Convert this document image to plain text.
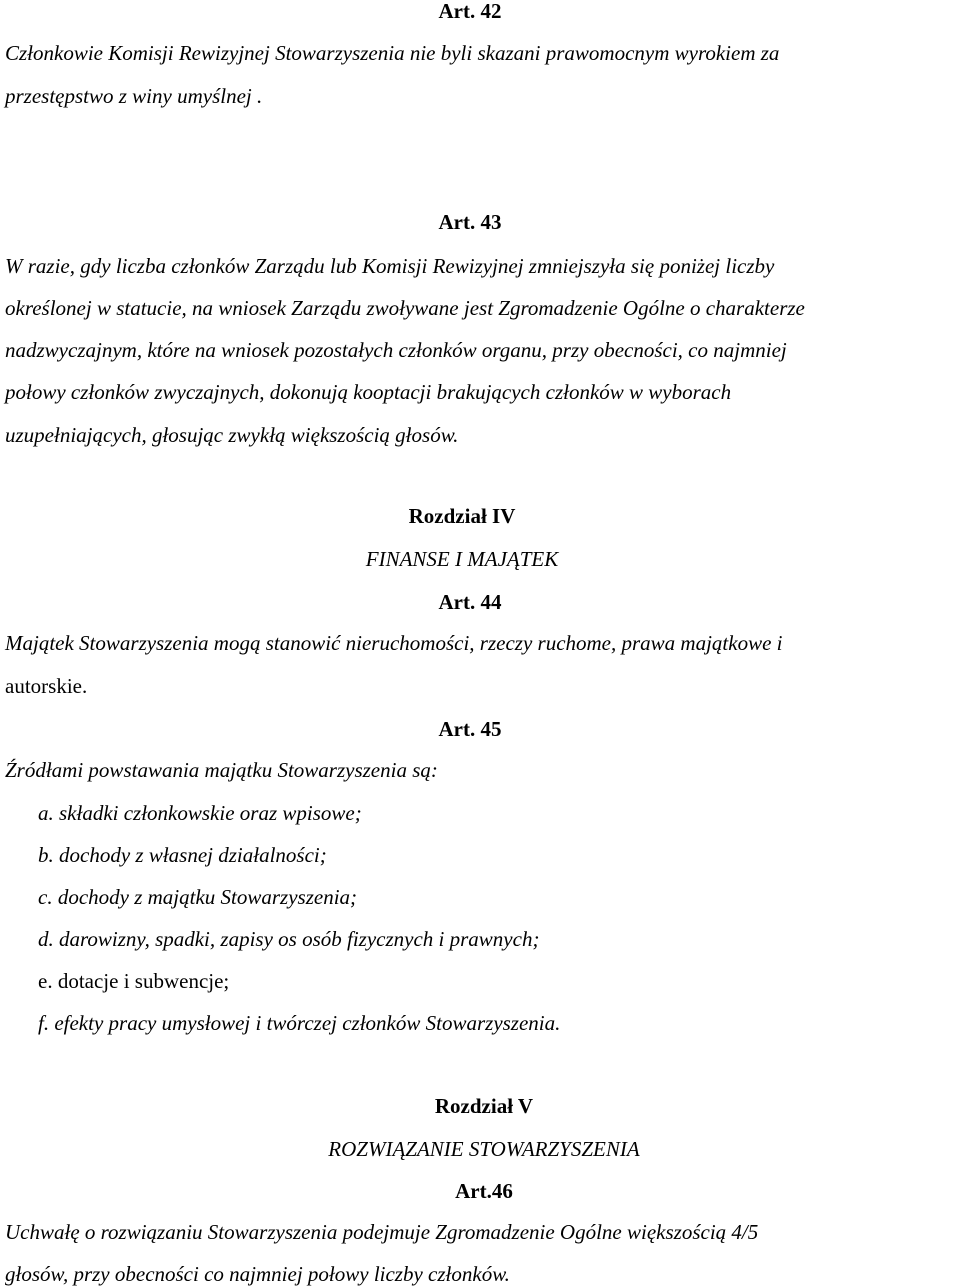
Art. 42
Członkowie Komisji Rewizyjnej Stowarzyszenia nie byli skazani prawomocnym wyrokiem za
przestępstwo z winy umyślnej .
Art. 43
W razie, gdy liczba członków Zarządu lub Komisji Rewizyjnej zmniejszyła się poniżej liczby
określonej w statucie, na wniosek Zarządu zwoływane jest Zgromadzenie Ogólne o charakterze
nadzwyczajnym, które na wniosek pozostałych członków organu, przy obecności, co najmniej
połowy członków zwyczajnych, dokonują kooptacji brakujących członków w wyborach
uzupełniających, głosując zwykłą większością głosów.
Rozdział IV
FINANSE I MAJĄTEK
Art. 44
Majątek Stowarzyszenia mogą stanowić nieruchomości, rzeczy ruchome, prawa majątkowe i
autorskie.
Art. 45
Źródłami powstawania majątku Stowarzyszenia są:
a. składki członkowskie oraz wpisowe;
b. dochody z własnej działalności;
c. dochody z majątku Stowarzyszenia;
d. darowizny, spadki, zapisy os osób fizycznych i prawnych;
e. dotacje i subwencje;
f. efekty pracy umysłowej i twórczej członków Stowarzyszenia.
Rozdział V
ROZWIĄZANIE STOWARZYSZENIA
Art.46
Uchwałę o rozwiązaniu Stowarzyszenia podejmuje Zgromadzenie Ogólne większością 4/5
głosów, przy obecności co najmniej połowy liczby członków.
